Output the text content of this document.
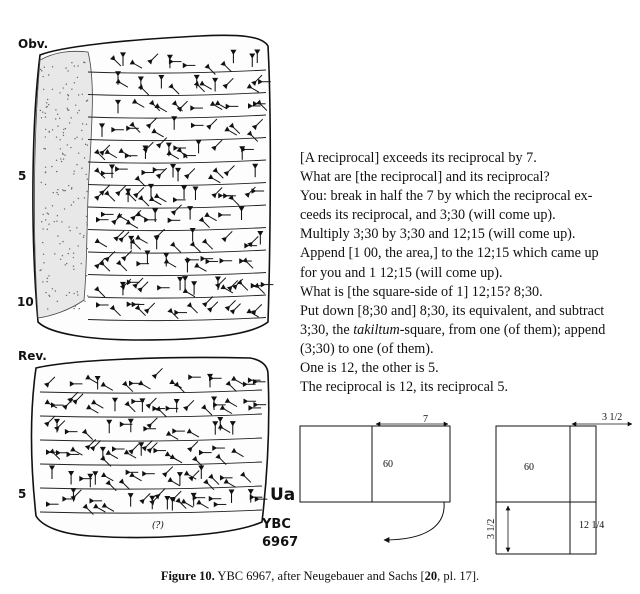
Obv.
5
10
Rev.
5	Ua
YBC
6967
(?)
[A reciprocal] exceeds its reciprocal by 7.
What are [the reciprocal] and its reciprocal?
You: break in half the 7 by which the reciprocal ex-
ceeds its reciprocal, and 3;30 (will come up).
Multiply 3;30 by 3;30 and 12;15 (will come up).
Append [1 00, the area,] to the 12;15 which came up
for you and 1 12;15 (will come up).
What is [the square-side of 1] 12;15? 8;30.
Put down [8;30 and] 8;30, its equivalent, and subtract
3;30, the takiltum-square, from one (of them); append
(3;30) to one (of them).
One is 12, the other is 5.
The reciprocal is 12, its reciprocal 5.
7
60
3 1/2
60
3 1/2	12 1/4
Figure 10. YBC 6967, after Neugebauer and Sachs [20, pl. 17].
